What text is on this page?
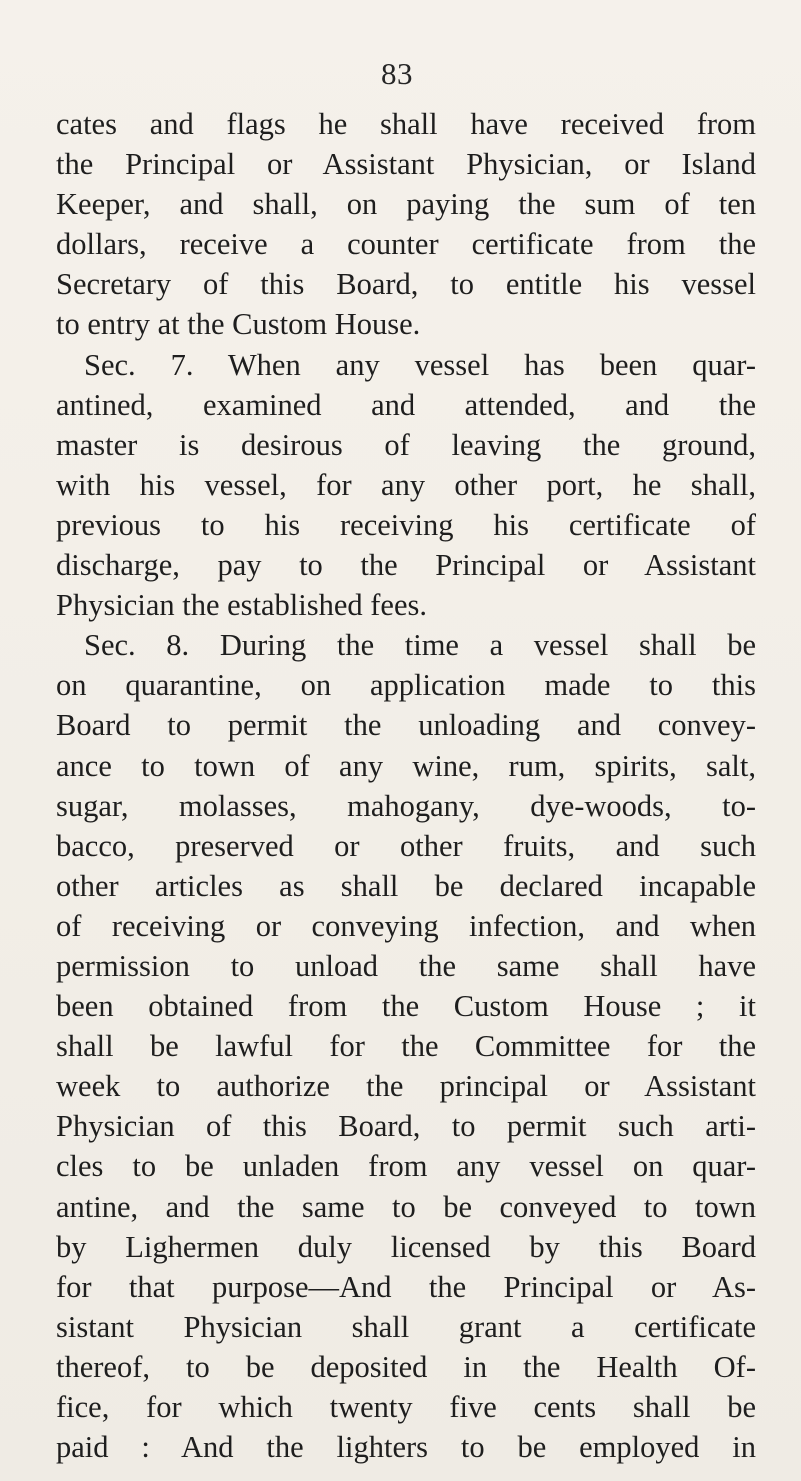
83
cates and flags he shall have received from
the Principal or Assistant Physician, or Island
Keeper, and shall, on paying the sum of ten
dollars, receive a counter certificate from the
Secretary of this Board, to entitle his vessel
to entry at the Custom House.
Sec. 7. When any vessel has been quar-
antined, examined and attended, and the
master is desirous of leaving the ground,
with his vessel, for any other port, he shall,
previous to his receiving his certificate of
discharge, pay to the Principal or Assistant
Physician the established fees.
Sec. 8. During the time a vessel shall be
on quarantine, on application made to this
Board to permit the unloading and convey-
ance to town of any wine, rum, spirits, salt,
sugar, molasses, mahogany, dye-woods, to-
bacco, preserved or other fruits, and such
other articles as shall be declared incapable
of receiving or conveying infection, and when
permission to unload the same shall have
been obtained from the Custom House ; it
shall be lawful for the Committee for the
week to authorize the principal or Assistant
Physician of this Board, to permit such arti-
cles to be unladen from any vessel on quar-
antine, and the same to be conveyed to town
by Lighermen duly licensed by this Board
for that purpose—And the Principal or As-
sistant Physician shall grant a certificate
thereof, to be deposited in the Health Of-
fice, for which twenty five cents shall be
paid : And the lighters to be employed in
